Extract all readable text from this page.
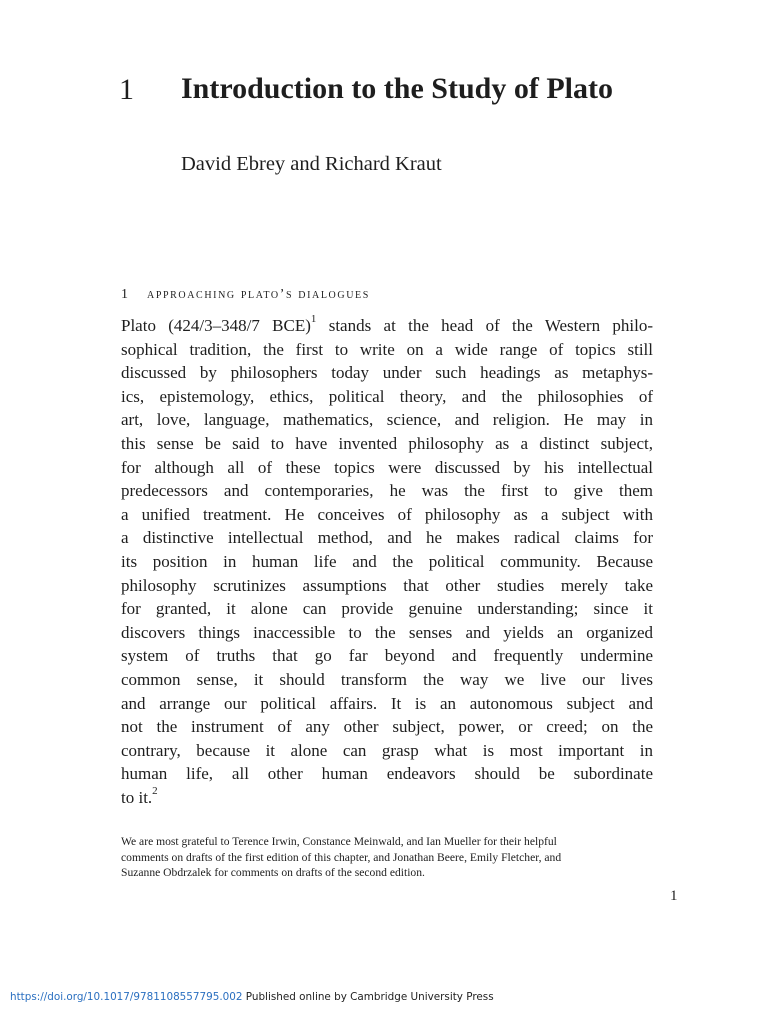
1 Introduction to the Study of Plato
David Ebrey and Richard Kraut
1 approaching plato’s dialogues
Plato (424/3–348/7 BCE)$^1$ stands at the head of the Western philo-
sophical tradition, the first to write on a wide range of topics still
discussed by philosophers today under such headings as metaphys-
ics, epistemology, ethics, political theory, and the philosophies of
art, love, language, mathematics, science, and religion. He may in
this sense be said to have invented philosophy as a distinct subject,
for although all of these topics were discussed by his intellectual
predecessors and contemporaries, he was the first to give them
a unified treatment. He conceives of philosophy as a subject with
a distinctive intellectual method, and he makes radical claims for
its position in human life and the political community. Because
philosophy scrutinizes assumptions that other studies merely take
for granted, it alone can provide genuine understanding; since it
discovers things inaccessible to the senses and yields an organized
system of truths that go far beyond and frequently undermine
common sense, it should transform the way we live our lives
and arrange our political affairs. It is an autonomous subject and
not the instrument of any other subject, power, or creed; on the
contrary, because it alone can grasp what is most important in
human life, all other human endeavors should be subordinate
to it.$^2$
We are most grateful to Terence Irwin, Constance Meinwald, and Ian Mueller for their helpful
comments on drafts of the first edition of this chapter, and Jonathan Beere, Emily Fletcher, and
Suzanne Obdrzalek for comments on drafts of the second edition.
1
https://doi.org/10.1017/9781108557795.002 Published online by Cambridge University Press
